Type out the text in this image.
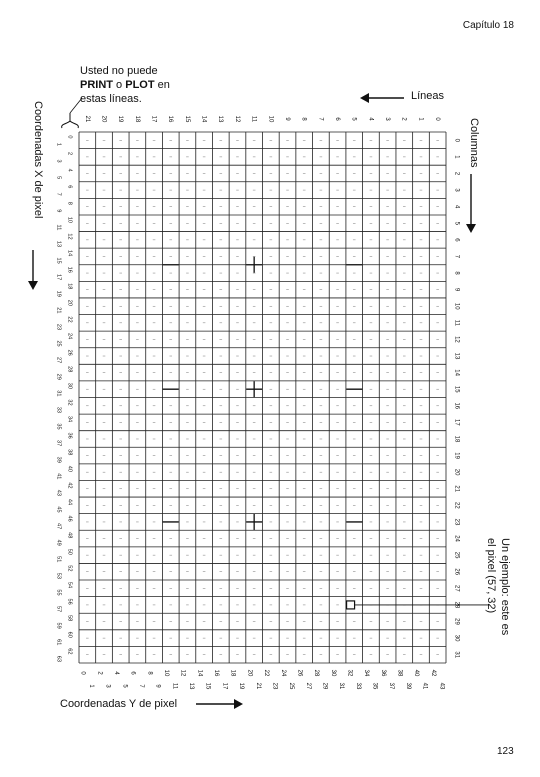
Capítulo 18
Usted no puede
PRINT o PLOT en
estas líneas.	Líneas
Coordenadas X de pixel	Columnas
Un ejemplo: este es
el pixel (57, 32)
Coordenadas Y de pixel
21 20 19 18 17 16 15 14 13 12 11 10 9 8 7 6 5 4 3 2 1 0
0
1
2
3
4
5
6
7
8
9
10
11
12
13
14
15
16
17
18
19
20
21
22
23
24
25
26
27
28
29
30
31
0	4	8	12	16	20	24	28	32	36	40
1	5	9	13	17	21	25	29	33	37	41
2	6	10	14	18	22	26	30	34	38	42
3	7	11	15	19	23	27	31	35	39	43
0
2
4
6
8
10
12
14
16
18
20
22
24
26
28
30
32
34
36
38
40
42
44
46
48
50
52
54
56
58
60
62
1
3
5
7
9
11
13
15
17
19
21
23
25
27
29
31
33
35
37
39
41
43
45
47
49
51
53
55
57
59
61
63
123
